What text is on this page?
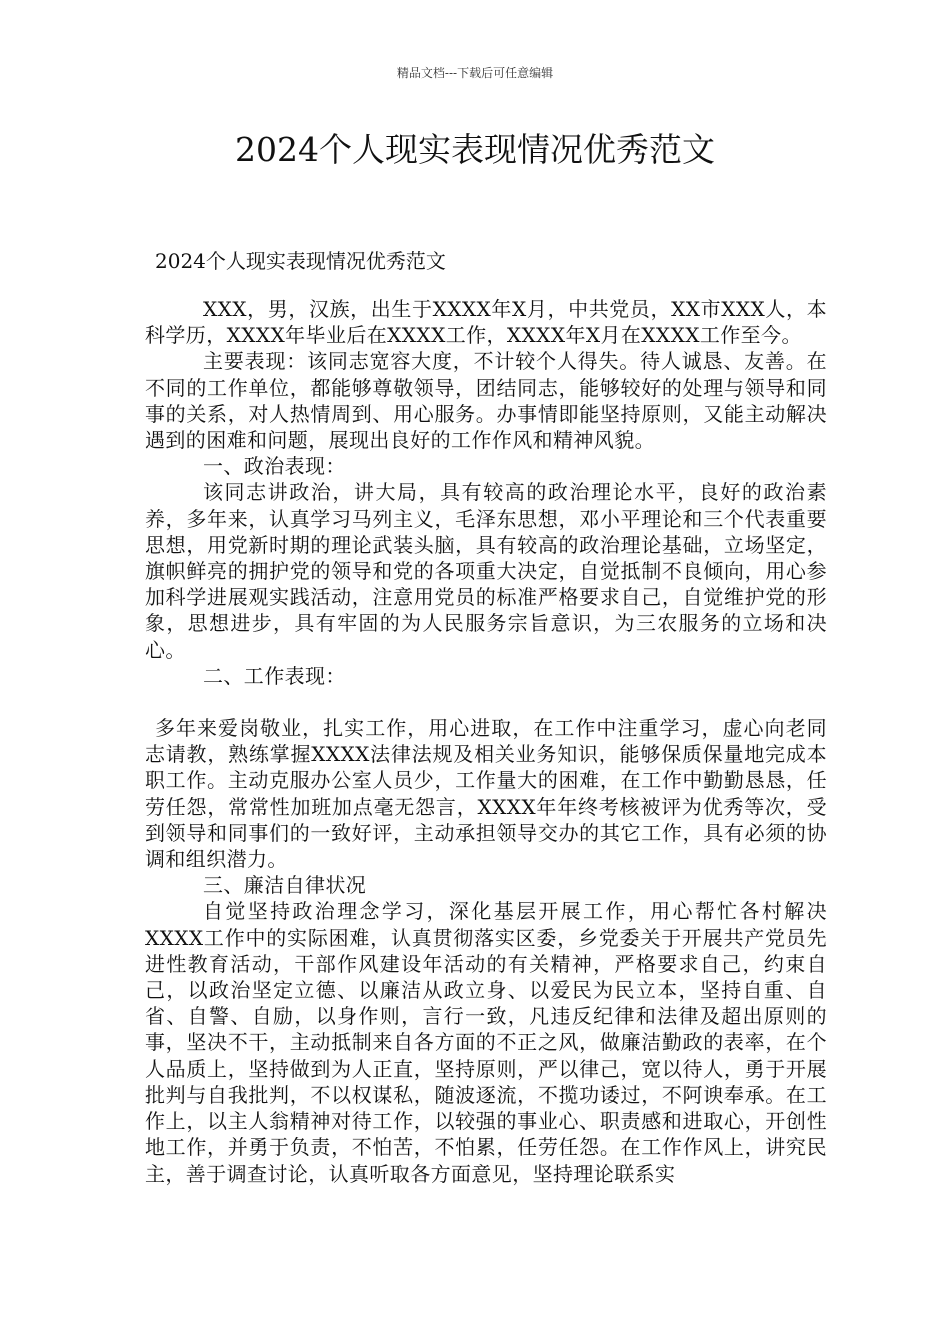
精品文档---下载后可任意编辑
2024个人现实表现情况优秀范文
2024个人现实表现情况优秀范文

XXX，男，汉族，出生于XXXX年X月，中共党员，XX市XXX人，本科学历，XXXX年毕业后在XXXX工作，XXXX年X月在XXXX工作至今。

主要表现：该同志宽容大度，不计较个人得失。待人诚恳、友善。在不同的工作单位，都能够尊敬领导，团结同志，能够较好的处理与领导和同事的关系，对人热情周到、用心服务。办事情即能坚持原则，又能主动解决遇到的困难和问题，展现出良好的工作作风和精神风貌。

一、政治表现：

该同志讲政治，讲大局，具有较高的政治理论水平，良好的政治素养，多年来，认真学习马列主义，毛泽东思想，邓小平理论和三个代表重要思想，用党新时期的理论武装头脑，具有较高的政治理论基础，立场坚定，旗帜鲜亮的拥护党的领导和党的各项重大决定，自觉抵制不良倾向，用心参加科学进展观实践活动，注意用党员的标准严格要求自己，自觉维护党的形象，思想进步，具有牢固的为人民服务宗旨意识，为三农服务的立场和决心。

二、工作表现：

多年来爱岗敬业，扎实工作，用心进取，在工作中注重学习，虚心向老同志请教，熟练掌握XXXX法律法规及相关业务知识，能够保质保量地完成本职工作。主动克服办公室人员少，工作量大的困难，在工作中勤勤恳恳，任劳任怨，常常性加班加点毫无怨言，XXXX年年终考核被评为优秀等次，受到领导和同事们的一致好评，主动承担领导交办的其它工作，具有必须的协调和组织潜力。

三、廉洁自律状况

自觉坚持政治理念学习，深化基层开展工作，用心帮忙各村解决XXXX工作中的实际困难，认真贯彻落实区委，乡党委关于开展共产党员先进性教育活动，干部作风建设年活动的有关精神，严格要求自己，约束自己，以政治坚定立德、以廉洁从政立身、以爱民为民立本，坚持自重、自省、自警、自励，以身作则，言行一致，凡违反纪律和法律及超出原则的事，坚决不干，主动抵制来自各方面的不正之风，做廉洁勤政的表率，在个人品质上，坚持做到为人正直，坚持原则，严以律己，宽以待人，勇于开展批判与自我批判，不以权谋私，随波逐流，不揽功诿过，不阿谀奉承。在工作上，以主人翁精神对待工作，以较强的事业心、职责感和进取心，开创性地工作，并勇于负责，不怕苦，不怕累，任劳任怨。在工作作风上，讲究民主，善于调查讨论，认真听取各方面意见，坚持理论联系实
